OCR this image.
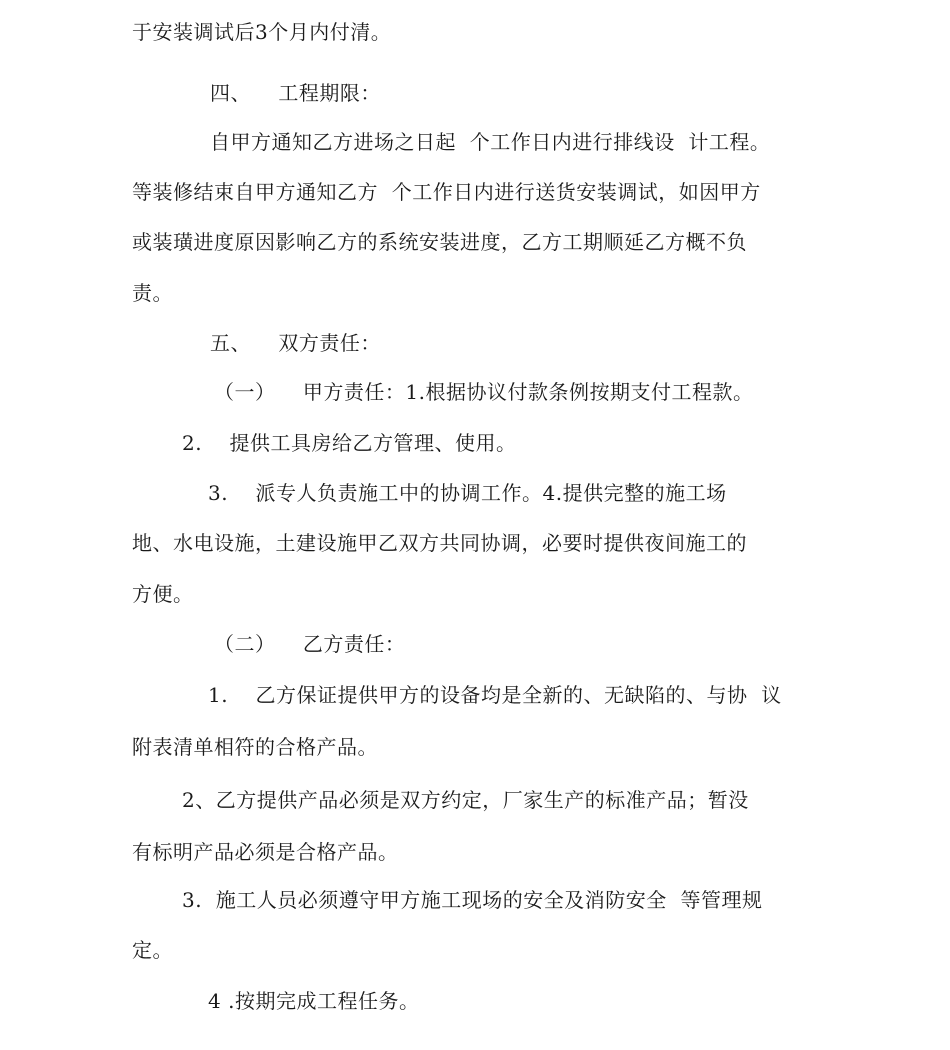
于安装调试后3个月内付清。
四、    工程期限：
自甲方通知乙方进场之日起  个工作日内进行排线设  计工程。
等装修结束自甲方通知乙方  个工作日内进行送货安装调试，如因甲方
或装璜进度原因影响乙方的系统安装进度，乙方工期顺延乙方概不负
责。
五、    双方责任：
（一）    甲方责任：1.根据协议付款条例按期支付工程款。
2.    提供工具房给乙方管理、使用。
3.    派专人负责施工中的协调工作。4.提供完整的施工场
地、水电设施，土建设施甲乙双方共同协调，必要时提供夜间施工的
方便。
（二）    乙方责任：
1.    乙方保证提供甲方的设备均是全新的、无缺陷的、与协  议
附表清单相符的合格产品。
2、乙方提供产品必须是双方约定，厂家生产的标准产品；暂没
有标明产品必须是合格产品。
3.  施工人员必须遵守甲方施工现场的安全及消防安全  等管理规
定。
4 .按期完成工程任务。
